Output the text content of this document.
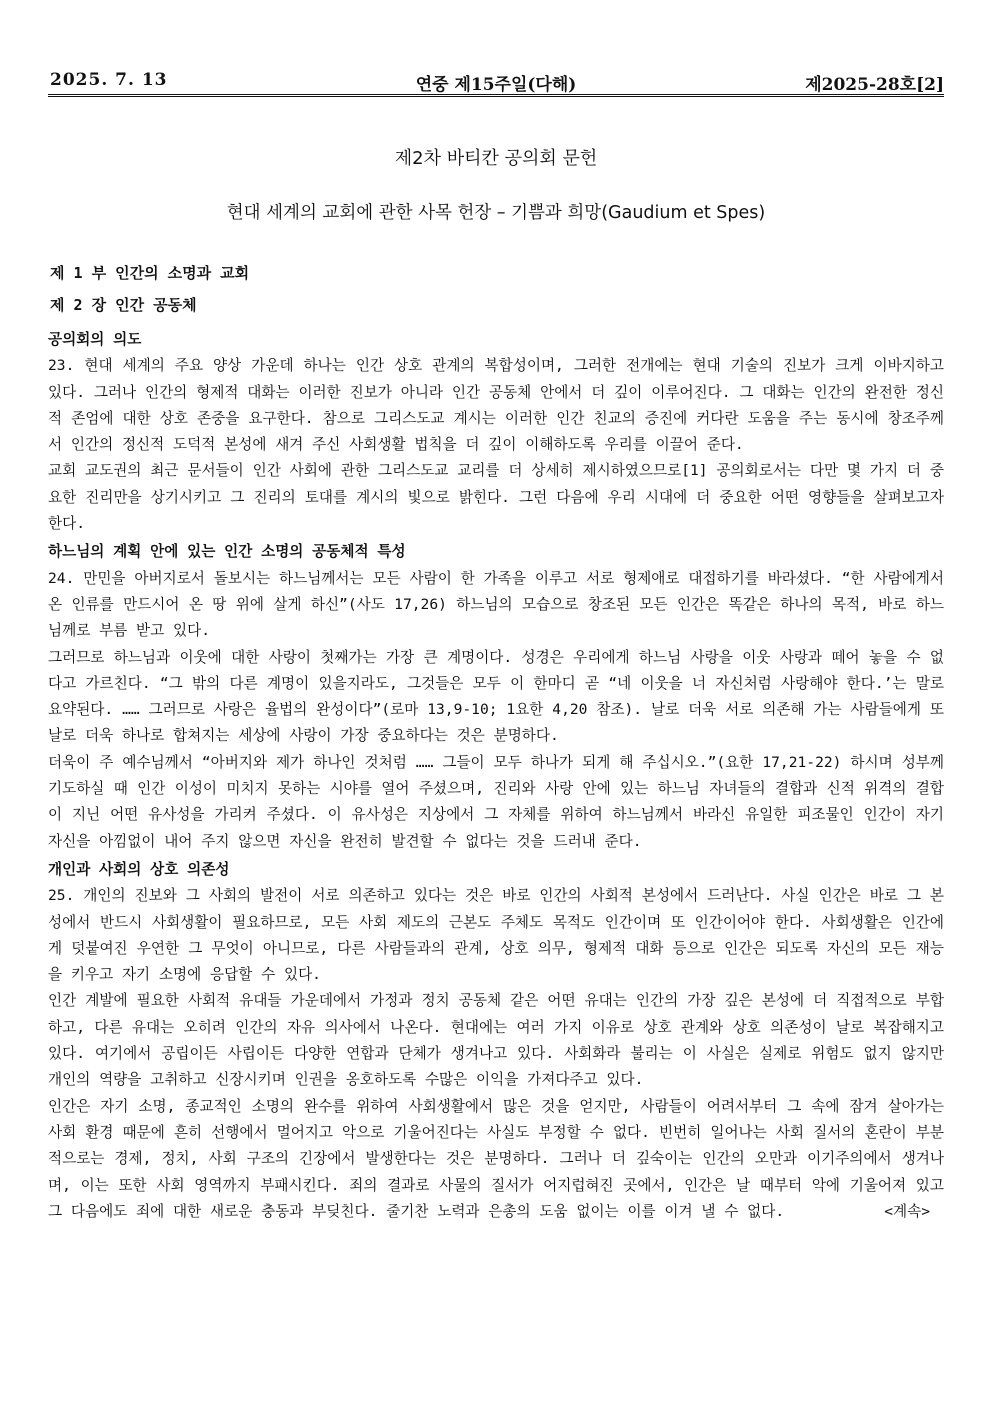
2025. 7. 13	연중 제15주일(다해)	제2025-28호[2]
제2차 바티칸 공의회 문헌
현대 세계의 교회에 관한 사목 헌장 – 기쁨과 희망(Gaudium et Spes)
제 1 부 인간의 소명과 교회
제 2 장 인간 공동체
공의회의 의도

23. 현대 세계의 주요 양상 가운데 하나는 인간 상호 관계의 복합성이며, 그러한 전개에는 현대 기술의 진보가 크게 이바지하고 있다. 그러나 인간의 형제적 대화는 이러한 진보가 아니라 인간 공동체 안에서 더 깊이 이루어진다. 그 대화는 인간의 완전한 정신적 존엄에 대한 상호 존중을 요구한다. 참으로 그리스도교 계시는 이러한 인간 친교의 증진에 커다란 도움을 주는 동시에 창조주께서 인간의 정신적 도덕적 본성에 새겨 주신 사회생활 법칙을 더 깊이 이해하도록 우리를 이끌어 준다.

교회 교도권의 최근 문서들이 인간 사회에 관한 그리스도교 교리를 더 상세히 제시하였으므로[1] 공의회로서는 다만 몇 가지 더 중요한 진리만을 상기시키고 그 진리의 토대를 계시의 빛으로 밝힌다. 그런 다음에 우리 시대에 더 중요한 어떤 영향들을 살펴보고자 한다.

하느님의 계획 안에 있는 인간 소명의 공동체적 특성

24. 만민을 아버지로서 돌보시는 하느님께서는 모든 사람이 한 가족을 이루고 서로 형제애로 대접하기를 바라셨다. “한 사람에게서 온 인류를 만드시어 온 땅 위에 살게 하신”(사도 17,26) 하느님의 모습으로 창조된 모든 인간은 똑같은 하나의 목적, 바로 하느님께로 부름 받고 있다.

그러므로 하느님과 이웃에 대한 사랑이 첫째가는 가장 큰 계명이다. 성경은 우리에게 하느님 사랑을 이웃 사랑과 떼어 놓을 수 없다고 가르친다. “그 밖의 다른 계명이 있을지라도, 그것들은 모두 이 한마디 곧 “네 이웃을 너 자신처럼 사랑해야 한다.’는 말로 요약된다. …… 그러므로 사랑은 율법의 완성이다”(로마 13,9-10; 1요한 4,20 참조). 날로 더욱 서로 의존해 가는 사람들에게 또 날로 더욱 하나로 합쳐지는 세상에 사랑이 가장 중요하다는 것은 분명하다.

더욱이 주 예수님께서 “아버지와 제가 하나인 것처럼 …… 그들이 모두 하나가 되게 해 주십시오.”(요한 17,21-22) 하시며 성부께 기도하실 때 인간 이성이 미치지 못하는 시야를 열어 주셨으며, 진리와 사랑 안에 있는 하느님 자녀들의 결합과 신적 위격의 결합이 지닌 어떤 유사성을 가리켜 주셨다. 이 유사성은 지상에서 그 자체를 위하여 하느님께서 바라신 유일한 피조물인 인간이 자기 자신을 아낌없이 내어 주지 않으면 자신을 완전히 발견할 수 없다는 것을 드러내 준다.

개인과 사회의 상호 의존성

25. 개인의 진보와 그 사회의 발전이 서로 의존하고 있다는 것은 바로 인간의 사회적 본성에서 드러난다. 사실 인간은 바로 그 본성에서 반드시 사회생활이 필요하므로, 모든 사회 제도의 근본도 주체도 목적도 인간이며 또 인간이어야 한다. 사회생활은 인간에게 덧붙여진 우연한 그 무엇이 아니므로, 다른 사람들과의 관계, 상호 의무, 형제적 대화 등으로 인간은 되도록 자신의 모든 재능을 키우고 자기 소명에 응답할 수 있다.

인간 계발에 필요한 사회적 유대들 가운데에서 가정과 정치 공동체 같은 어떤 유대는 인간의 가장 깊은 본성에 더 직접적으로 부합하고, 다른 유대는 오히려 인간의 자유 의사에서 나온다. 현대에는 여러 가지 이유로 상호 관계와 상호 의존성이 날로 복잡해지고 있다. 여기에서 공립이든 사립이든 다양한 연합과 단체가 생겨나고 있다. 사회화라 불리는 이 사실은 실제로 위험도 없지 않지만 개인의 역량을 고취하고 신장시키며 인권을 옹호하도록 수많은 이익을 가져다주고 있다.

인간은 자기 소명, 종교적인 소명의 완수를 위하여 사회생활에서 많은 것을 얻지만, 사람들이 어려서부터 그 속에 잠겨 살아가는 사회 환경 때문에 흔히 선행에서 멀어지고 악으로 기울어진다는 사실도 부정할 수 없다. 빈번히 일어나는 사회 질서의 혼란이 부분적으로는 경제, 정치, 사회 구조의 긴장에서 발생한다는 것은 분명하다. 그러나 더 깊숙이는 인간의 오만과 이기주의에서 생겨나며, 이는 또한 사회 영역까지 부패시킨다. 죄의 결과로 사물의 질서가 어지럽혀진 곳에서, 인간은 날 때부터 악에 기울어져 있고 그 다음에도 죄에 대한 새로운 충동과 부딪친다. 줄기찬 노력과 은총의 도움 없이는 이를 이겨 낼 수 없다.	<계속>
